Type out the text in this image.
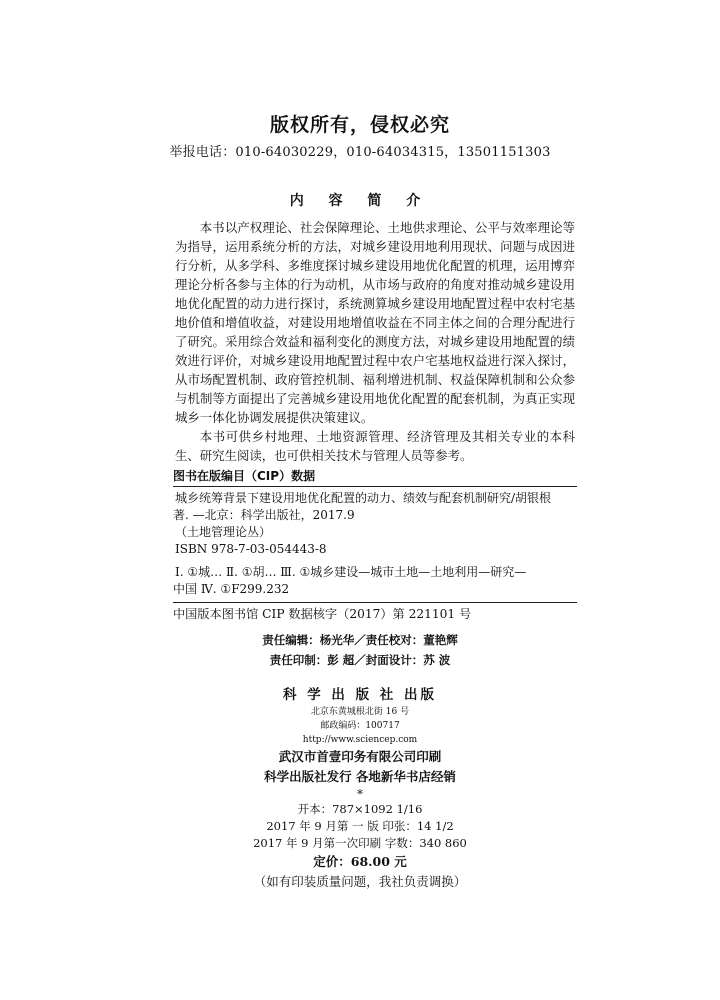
版权所有，侵权必究
举报电话：010-64030229，010-64034315，13501151303
内 容 简 介

本书以产权理论、社会保障理论、土地供求理论、公平与效率理论等为指导，运用系统分析的方法，对城乡建设用地利用现状、问题与成因进行分析，从多学科、多维度探讨城乡建设用地优化配置的机理，运用博弈理论分析各参与主体的行为动机，从市场与政府的角度对推动城乡建设用地优化配置的动力进行探讨，系统测算城乡建设用地配置过程中农村宅基地价值和增值收益，对建设用地增值收益在不同主体之间的合理分配进行了研究。采用综合效益和福利变化的测度方法，对城乡建设用地配置的绩效进行评价，对城乡建设用地配置过程中农户宅基地权益进行深入探讨，从市场配置机制、政府管控机制、福利增进机制、权益保障机制和公众参与机制等方面提出了完善城乡建设用地优化配置的配套机制，为真正实现城乡一体化协调发展提供决策建议。

本书可供乡村地理、土地资源管理、经济管理及其相关专业的本科生、研究生阅读，也可供相关技术与管理人员等参考。

图书在版编目（CIP）数据
城乡统筹背景下建设用地优化配置的动力、绩效与配套机制研究/胡银根
著. —北京：科学出版社，2017.9
（土地管理论丛）
ISBN 978-7-03-054443-8
Ⅰ. ①城… Ⅱ. ①胡… Ⅲ. ①城乡建设—城市土地—土地利用—研究—
中国 Ⅳ. ①F299.232
中国版本图书馆 CIP 数据核字（2017）第 221101 号
责任编辑：杨光华／责任校对：董艳辉
责任印制：彭 超／封面设计：苏 波
科 学 出 版 社 出版
北京东黄城根北街 16 号
邮政编码：100717
http://www.sciencep.com
武汉市首壹印务有限公司印刷
科学出版社发行 各地新华书店经销
*
开本：787×1092 1/16
2017 年 9 月第 一 版 印张：14 1/2
2017 年 9 月第一次印刷 字数：340 860
定价：68.00 元
（如有印装质量问题，我社负责调换）
